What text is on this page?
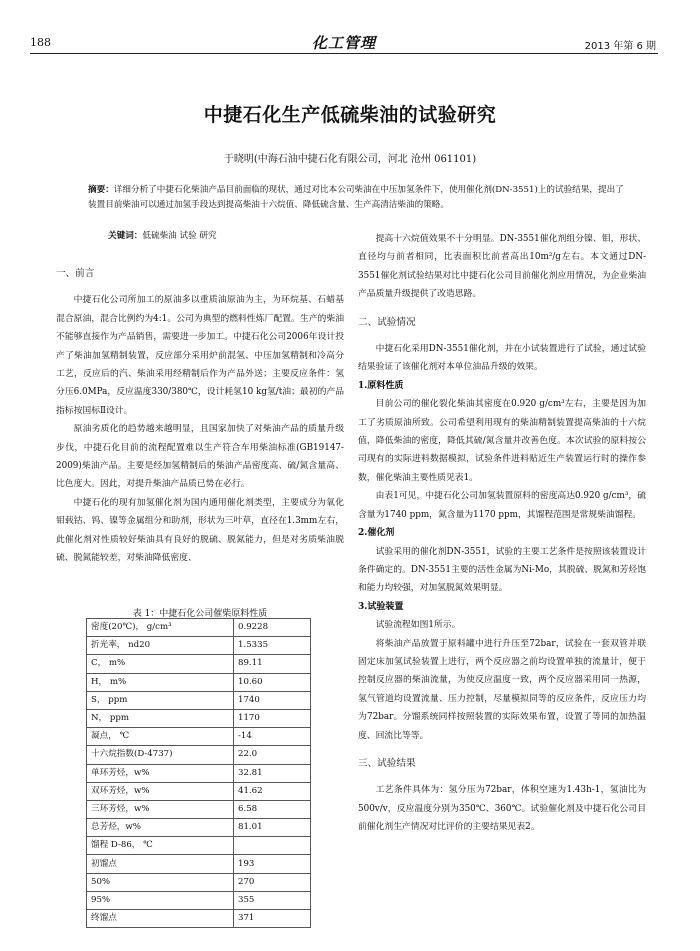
188	化工管理	2013 年第 6 期
中捷石化生产低硫柴油的试验研究
于晓明(中海石油中捷石化有限公司，河北 沧州 061101)
摘要：详细分析了中捷石化柴油产品目前面临的现状，通过对比本公司柴油在中压加氢条件下，使用催化剂(DN-3551)上的试验结果，提出了装置目前柴油可以通过加氢手段达到提高柴油十六烷值、降低硫含量、生产高清洁柴油的策略。
关键词：低硫柴油 试验 研究
一、前言

中捷石化公司所加工的原油多以重质油原油为主，为环烷基、石蜡基混合原油，混合比例约为4:1。公司为典型的燃料性炼厂配置。生产的柴油不能够直接作为产品销售，需要进一步加工。中捷石化公司2006年设计投产了柴油加氢精制装置，反应部分采用炉前混氢、中压加氢精制和冷高分工艺，反应后的汽、柴油采用经精制后作为产品外送；主要反应条件：氢分压6.0MPa，反应温度330/380℃，设计耗氢10 kg氢/t油；最初的产品指标按国标Ⅱ设计。

原油劣质化的趋势越来越明显，且国家加快了对柴油产品的质量升级步伐，中捷石化目前的流程配置难以生产符合车用柴油标准(GB19147-2009)柴油产品。主要是经加氢精制后的柴油产品密度高、硫/氮含量高、比色度大。因此，对提升柴油产品质已势在必行。

中捷石化的现有加氢催化剂为国内通用催化剂类型，主要成分为氧化钼载钴、钨、镍等金属组分和助剂，形状为三叶草，直径在1.3mm左右，此催化剂对性质较好柴油具有良好的脱硫、脱氮能力，但是对劣质柴油脱硫、脱氮能较差，对柴油降低密度、

表 1：中捷石化公司催柴原料性质
密度(20℃)， g/cm³	0.9228
折光率， nd20	1.5335
C， m%	89.11
H， m%	10.60
S， ppm	1740
N， ppm	1170
凝点， ℃	-14
十六烷指数(D-4737)	22.0
单环芳烃，w%	32.81
双环芳烃，w%	41.62
三环芳烃，w%	6.58
总芳烃，w%	81.01
馏程 D-86， ℃	
初馏点	193
50%	270
95%	355
终馏点	371

提高十六烷值效果不十分明显。DN-3551催化剂组分镍、钼，形状、直径均与前者相同，比表面积比前者高出10m²/g左右。本文通过DN-3551催化剂试验结果对比中捷石化公司目前催化剂应用情况，为企业柴油产品质量升级提供了改造思路。

二、试验情况

中捷石化采用DN-3551催化剂，并在小试装置进行了试验，通过试验结果验证了该催化剂对本单位油品升级的效果。

1.原料性质

目前公司的催化裂化柴油其密度在0.920 g/cm³左右，主要是因为加工了劣质原油所致。公司希望利用现有的柴油精制装置提高柴油的十六烷值，降低柴油的密度，降低其硫/氮含量并改善色度。本次试验的原料按公司现有的实际进料数据模拟，试验条件进料贴近生产装置运行时的操作参数，催化柴油主要性质见表1。

由表1可见，中捷石化公司加氢装置原料的密度高达0.920 g/cm³，硫含量为1740 ppm，氮含量为1170 ppm，其馏程范围是常规柴油馏程。

2.催化剂

试验采用的催化剂DN-3551，试验的主要工艺条件是按照该装置设计条件确定的。DN-3551主要的活性金属为Ni-Mo，其脱硫、脱氮和芳烃饱和能力均较强，对加氢脱氮效果明显。

3.试验装置

试验流程如图1所示。

将柴油产品放置于原料罐中进行升压至72bar，试验在一套双管并联固定床加氢试验装置上进行，两个反应器之前均设置单独的流量计，便于控制反应器的柴油流量，为使反应温度一致，两个反应器采用同一热源，氢气管道均设置流量、压力控制，尽量模拟同等的反应条件，反应压力均为72bar。分馏系统同样按照装置的实际效果布置，设置了等同的加热温度、回流比等等。

三、试验结果

工艺条件具体为：氢分压为72bar，体积空速为1.43h-1，氢油比为500v/v，反应温度分别为350℃、360℃。试验催化剂及中捷石化公司目前催化剂生产情况对比评价的主要结果见表2。
